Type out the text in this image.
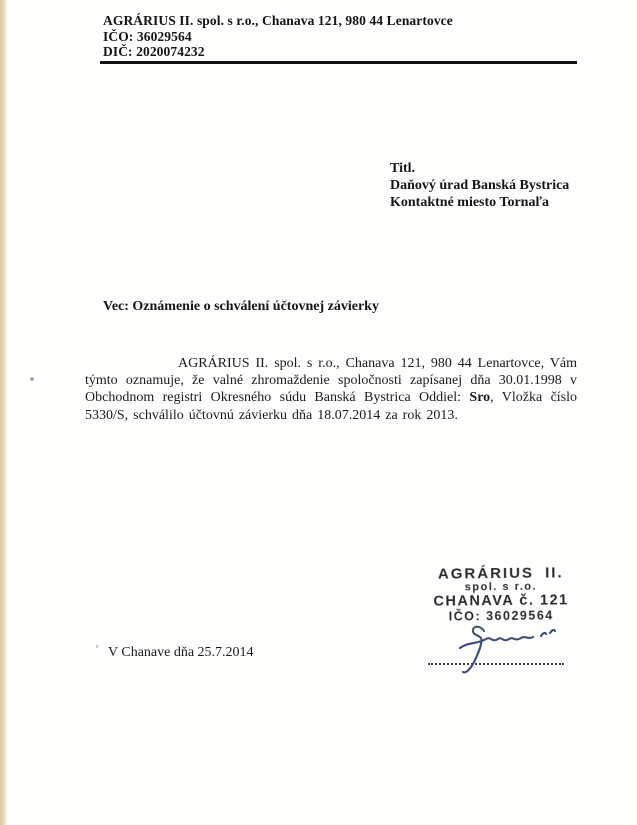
AGRÁRIUS II. spol. s r.o., Chanava 121, 980 44 Lenartovce
IČO: 36029564
DIČ: 2020074232
Titl.
Daňový úrad Banská Bystrica
Kontaktné miesto Tornaľa
Vec: Oznámenie o schválení účtovnej závierky

AGRÁRIUS II. spol. s r.o., Chanava 121, 980 44 Lenartovce, Vám týmto oznamuje, že valné zhromaždenie spoločnosti zapísanej dňa 30.01.1998 v Obchodnom registri Okresného súdu Banská Bystrica Oddiel: Sro, Vložka číslo 5330/S, schválilo účtovnú závierku dňa 18.07.2014 za rok 2013.

AGRÁRIUS II.
spol. s r.o.
CHANAVA č. 121
IČO: 36029564
V Chanave dňa 25.7.2014
